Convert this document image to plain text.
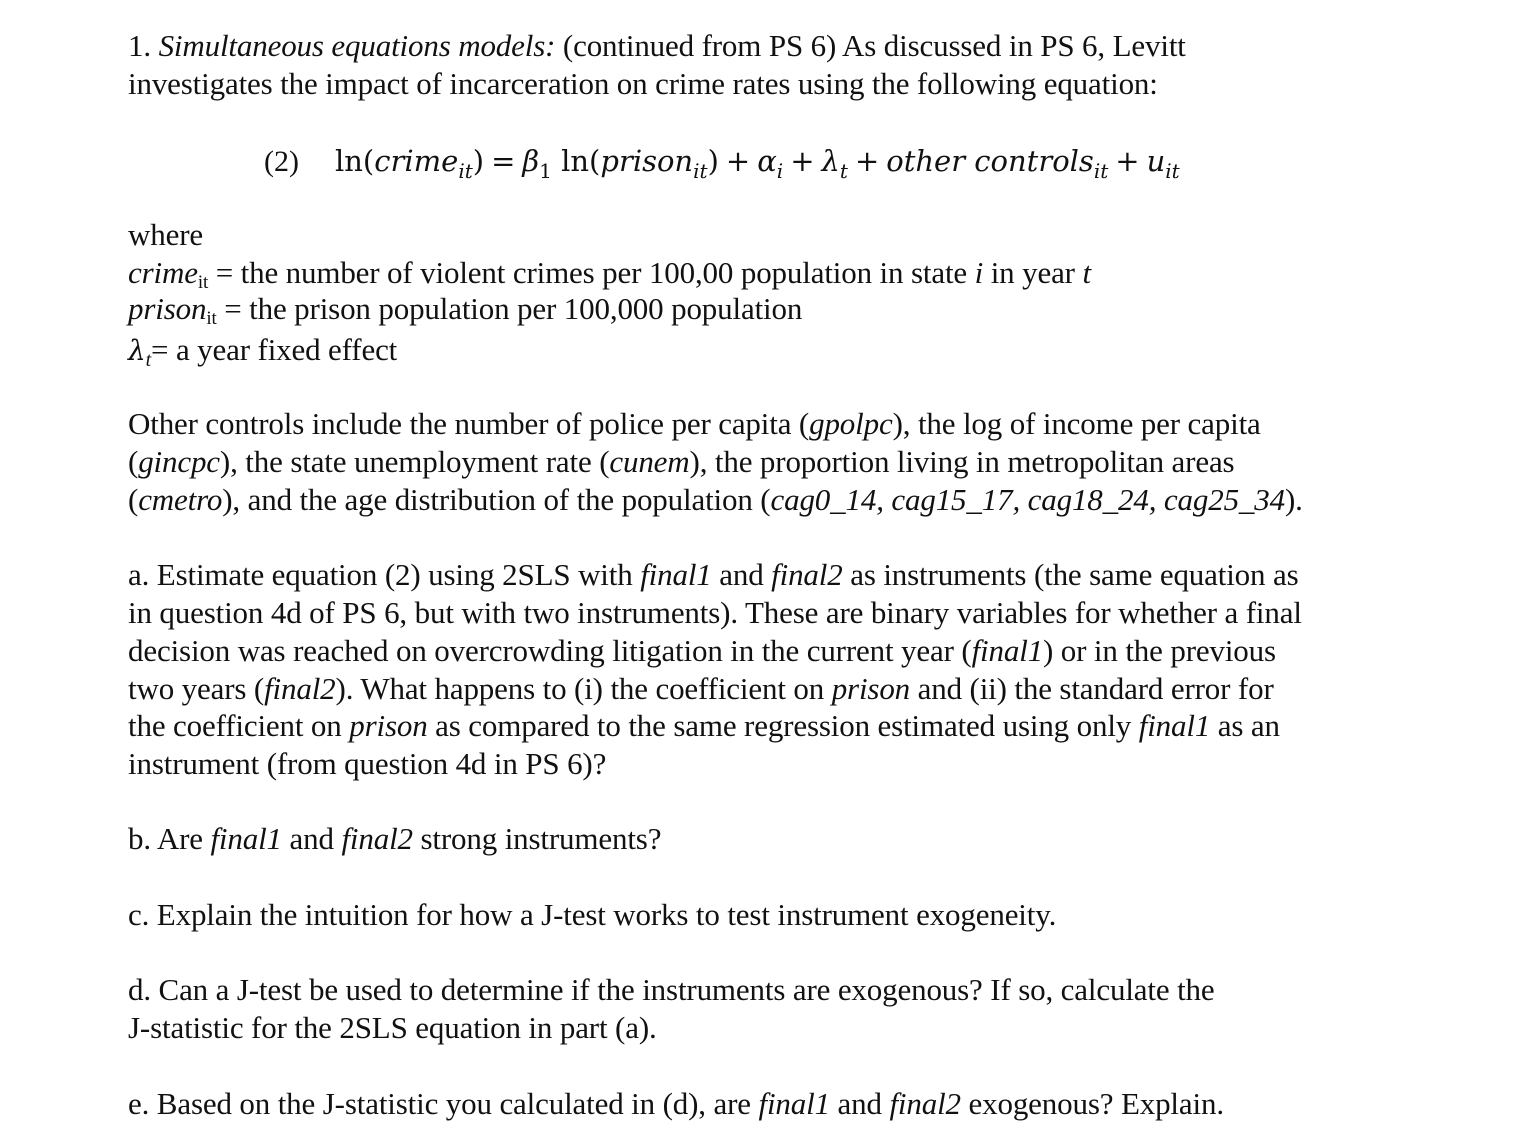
1. Simultaneous equations models: (continued from PS 6) As discussed in PS 6, Levitt
investigates the impact of incarceration on crime rates using the following equation:
(2) ln(crime$_{it}$) = $\beta_1$ ln(prison$_{it}$) + $\alpha_i + \lambda_t$ + other controls$_{it}$ + $u_{it}$
where
crime$_{it}$ = the number of violent crimes per 100,00 population in state i in year t
prison$_{it}$ = the prison population per 100,000 population
λt= a year fixed effect
Other controls include the number of police per capita (gpolpc), the log of income per capita
(gincpc), the state unemployment rate (cunem), the proportion living in metropolitan areas
(cmetro), and the age distribution of the population (cag0_14, cag15_17, cag18_24, cag25_34).
a. Estimate equation (2) using 2SLS with final1 and final2 as instruments (the same equation as
in question 4d of PS 6, but with two instruments). These are binary variables for whether a final
decision was reached on overcrowding litigation in the current year (final1) or in the previous
two years (final2). What happens to (i) the coefficient on prison and (ii) the standard error for
the coefficient on prison as compared to the same regression estimated using only final1 as an
instrument (from question 4d in PS 6)?
b. Are final1 and final2 strong instruments?
c. Explain the intuition for how a J-test works to test instrument exogeneity.
d. Can a J-test be used to determine if the instruments are exogenous? If so, calculate the
J-statistic for the 2SLS equation in part (a).
e. Based on the J-statistic you calculated in (d), are final1 and final2 exogenous? Explain.
